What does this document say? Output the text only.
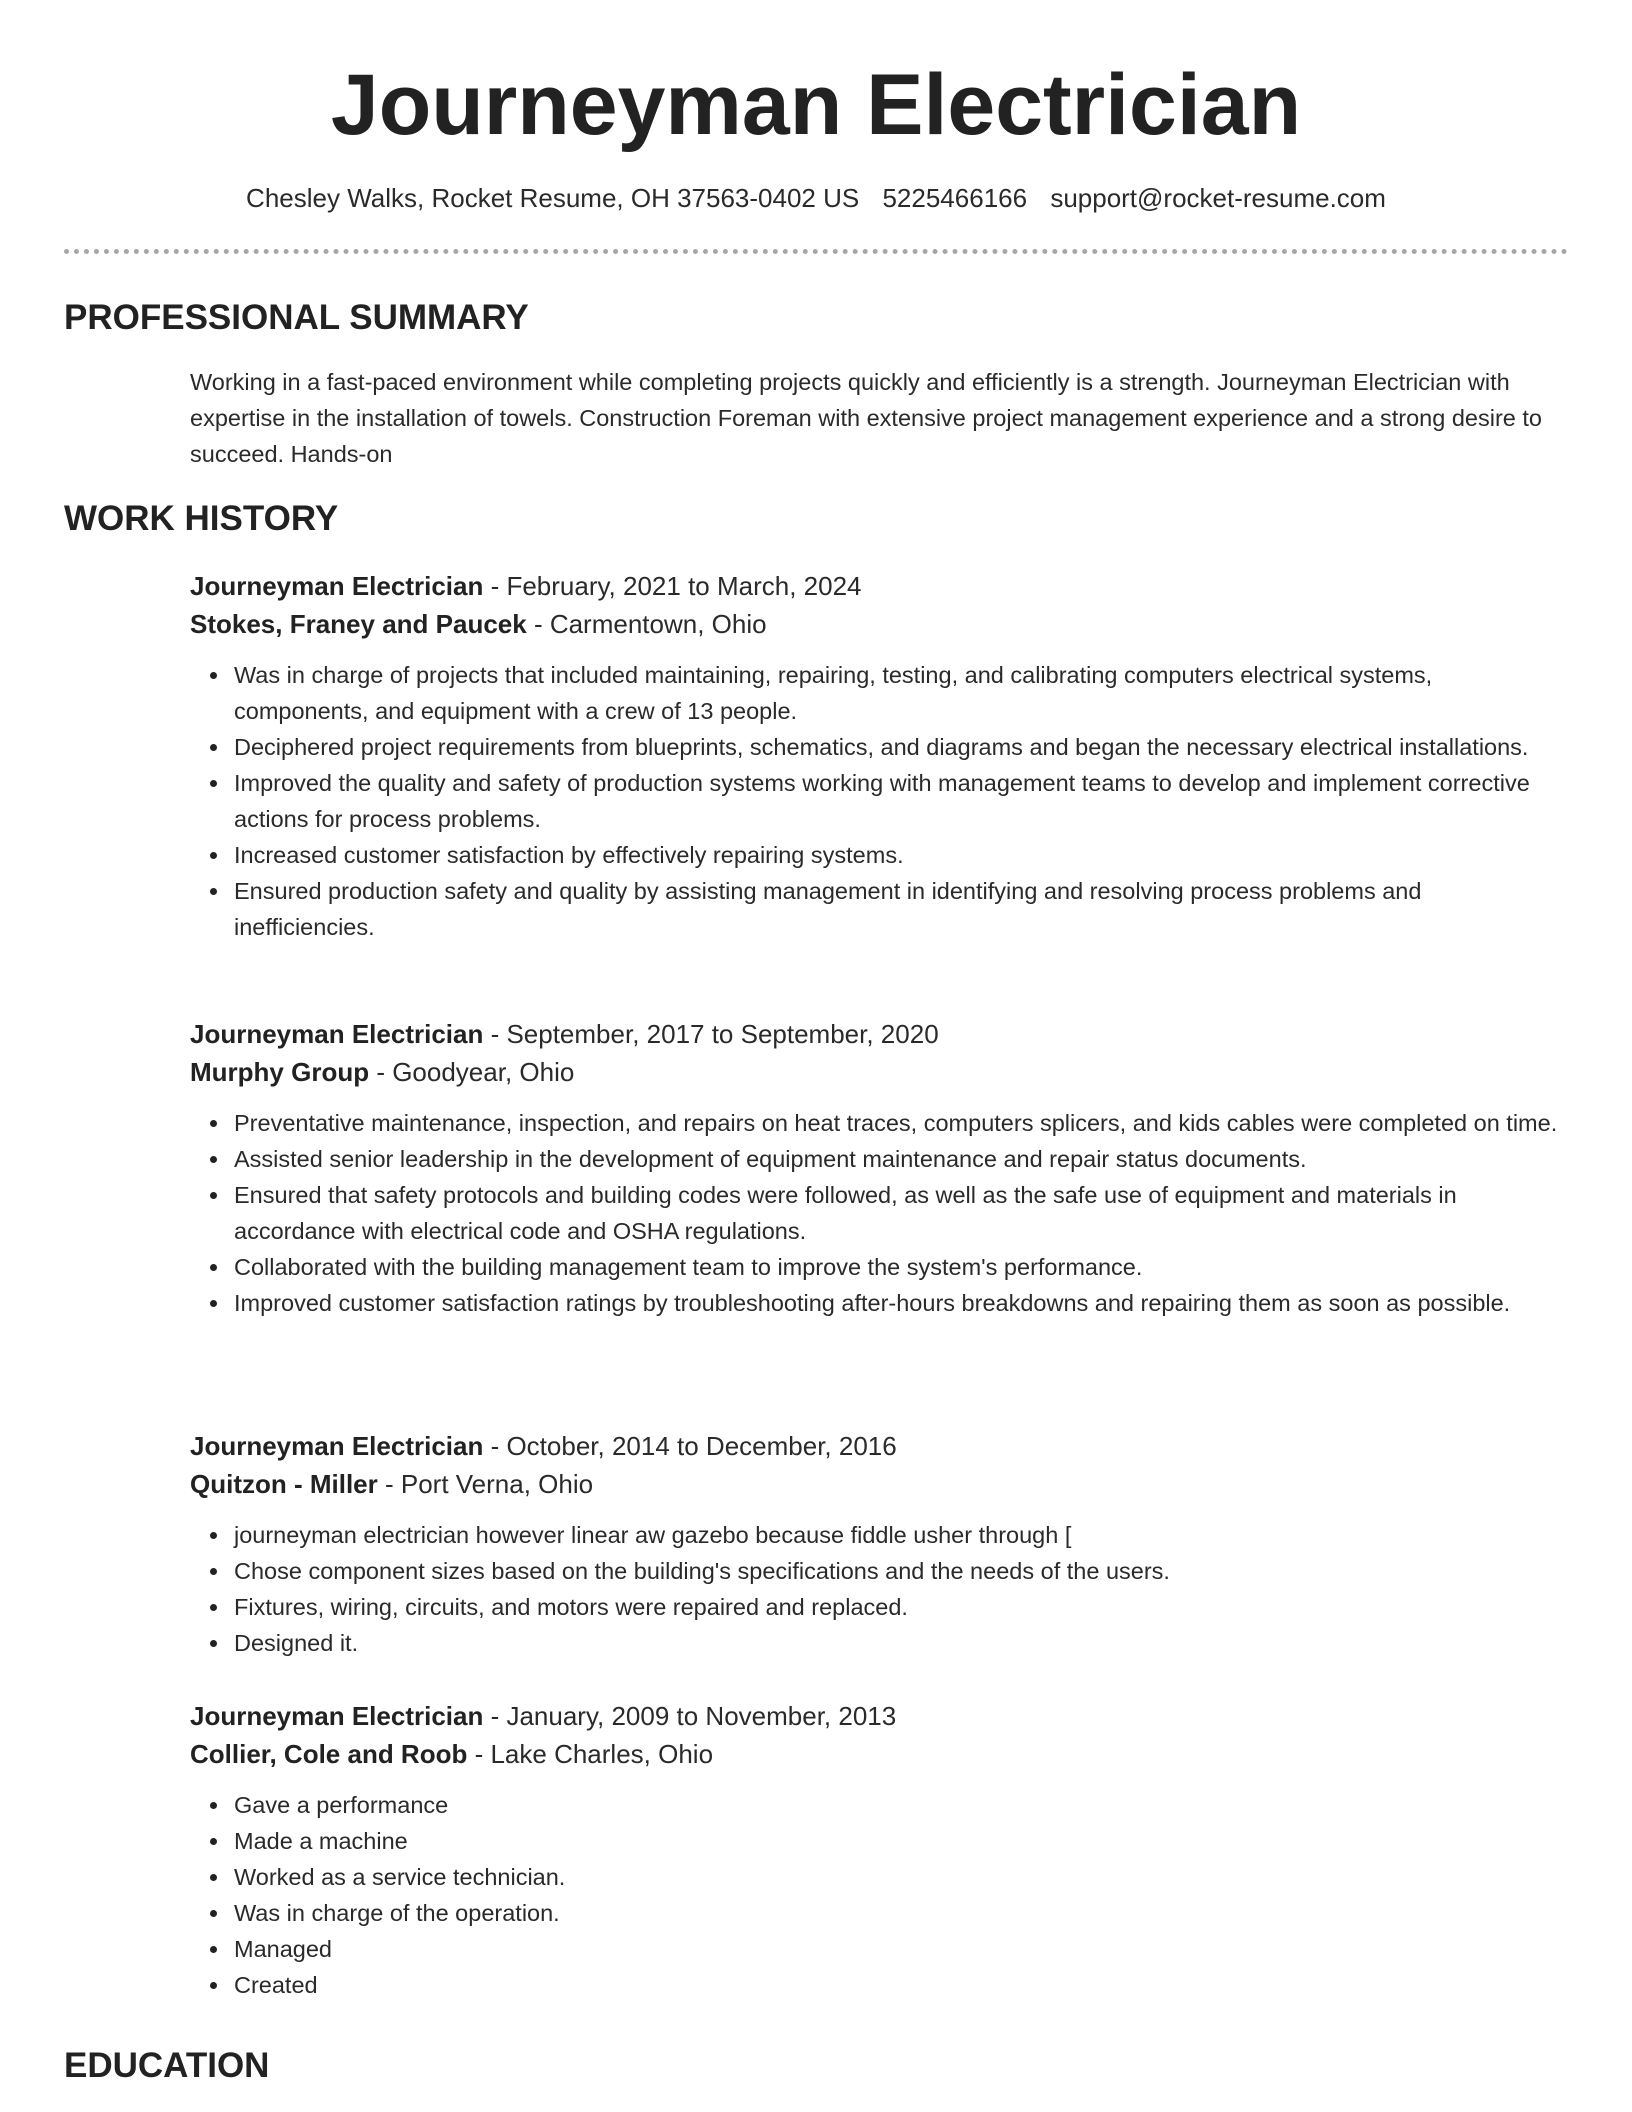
Journeyman Electrician
Chesley Walks, Rocket Resume, OH 37563-0402 US 5225466166 support@rocket-resume.com
PROFESSIONAL SUMMARY

Working in a fast-paced environment while completing projects quickly and efficiently is a strength. Journeyman Electrician with expertise in the installation of towels. Construction Foreman with extensive project management experience and a strong desire to succeed. Hands-on

WORK HISTORY
Journeyman Electrician - February, 2021 to March, 2024
Stokes, Franey and Paucek - Carmentown, Ohio
Was in charge of projects that included maintaining, repairing, testing, and calibrating computers electrical systems, components, and equipment with a crew of 13 people.
Deciphered project requirements from blueprints, schematics, and diagrams and began the necessary electrical installations.
Improved the quality and safety of production systems working with management teams to develop and implement corrective actions for process problems.
Increased customer satisfaction by effectively repairing systems.
Ensured production safety and quality by assisting management in identifying and resolving process problems and inefficiencies.
Journeyman Electrician - September, 2017 to September, 2020
Murphy Group - Goodyear, Ohio
Preventative maintenance, inspection, and repairs on heat traces, computers splicers, and kids cables were completed on time.
Assisted senior leadership in the development of equipment maintenance and repair status documents.
Ensured that safety protocols and building codes were followed, as well as the safe use of equipment and materials in accordance with electrical code and OSHA regulations.
Collaborated with the building management team to improve the system's performance.
Improved customer satisfaction ratings by troubleshooting after-hours breakdowns and repairing them as soon as possible.
Journeyman Electrician - October, 2014 to December, 2016
Quitzon - Miller - Port Verna, Ohio
journeyman electrician however linear aw gazebo because fiddle usher through [
Chose component sizes based on the building's specifications and the needs of the users.
Fixtures, wiring, circuits, and motors were repaired and replaced.
Designed it.
Journeyman Electrician - January, 2009 to November, 2013
Collier, Cole and Roob - Lake Charles, Ohio
Gave a performance
Made a machine
Worked as a service technician.
Was in charge of the operation.
Managed
Created
EDUCATION
